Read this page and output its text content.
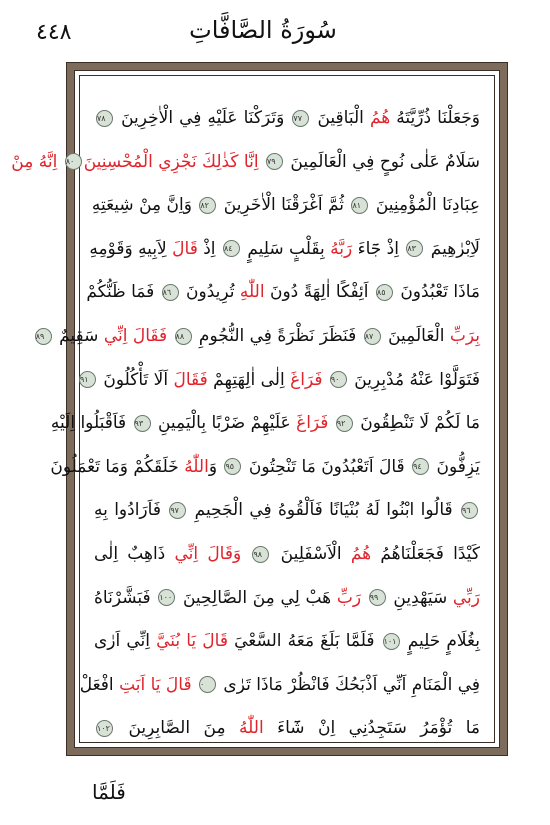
٤٤٨	سُورَةُ الصَّافَّاتِ
وَجَعَلْنَا ذُرِّيَّتَهُ هُمُ الْبَاقِينَ ٧٧ وَتَرَكْنَا عَلَيْهِ فِي الْاٰخِرِينَ ٧٨
سَلَامٌ عَلٰى نُوحٍ فِي الْعَالَمِينَ ٧٩ اِنَّا كَذٰلِكَ نَجْزِي الْمُحْسِنِينَ٨٠ اِنَّهُ مِنْ
عِبَادِنَا الْمُؤْمِنِينَ ٨١ ثُمَّ اَغْرَقْنَا الْاٰخَرِينَ ٨٢ وَاِنَّ مِنْ شِيعَتِهِ
لَاِبْرٰهِيمَ ٨٣ اِذْ جَٓاءَ رَبَّهُ بِقَلْبٍ سَلِيمٍ ٨٤ اِذْ قَالَ لِاَبِيهِ وَقَوْمِهِ
مَاذَا تَعْبُدُونَ ٨٥ اَئِفْكًا اٰلِهَةً دُونَ اللّٰهِ تُرِيدُونَ ٨٦ فَمَا ظَنُّكُمْ
بِرَبِّ الْعَالَمِينَ ٨٧ فَنَظَرَ نَظْرَةً فِي النُّجُومِ ٨٨ فَقَالَ اِنِّي سَقِيمٌ ٨٩
فَتَوَلَّوْا عَنْهُ مُدْبِرِينَ ٩٠ فَرَاغَ اِلٰى اٰلِهَتِهِمْ فَقَالَ اَلَا تَأْكُلُونَ ٩١
مَا لَكُمْ لَا تَنْطِقُونَ ٩٢ فَرَاغَ عَلَيْهِمْ ضَرْبًا بِالْيَمِينِ ٩٣ فَاَقْبَلُوا اِلَيْهِ
يَزِفُّونَ ٩٤ قَالَ اَتَعْبُدُونَ مَا تَنْحِتُونَ ٩٥ وَاللّٰهُ خَلَقَكُمْ وَمَا تَعْمَلُونَ
٩٦ قَالُوا ابْنُوا لَهُ بُنْيَانًا فَاَلْقُوهُ فِي الْجَحِيمِ ٩٧ فَاَرَادُوا بِهِ
كَيْدًا فَجَعَلْنَاهُمُ هُمُ الْاَسْفَلِينَ ٩٨ وَقَالَ اِنِّي ذَاهِبٌ اِلٰى
رَبِّي سَيَهْدِينِ ٩٩ رَبِّ هَبْ لِي مِنَ الصَّالِحِينَ ١٠٠ فَبَشَّرْنَاهُ
بِغُلَامٍ حَلِيمٍ ١٠١ فَلَمَّا بَلَغَ مَعَهُ السَّعْيَ قَالَ يَا بُنَيَّ اِنِّي اَرٰى
فِي الْمَنَامِ اَنِّي اَذْبَحُكَ فَانْظُرْ مَاذَا تَرٰى ٠ قَالَ يَا اَبَتِ افْعَلْ
مَا تُؤْمَرُ سَتَجِدُنِي اِنْ شَٓاءَ اللّٰهُ مِنَ الصَّابِرِينَ ١٠٢
فَلَمَّا
